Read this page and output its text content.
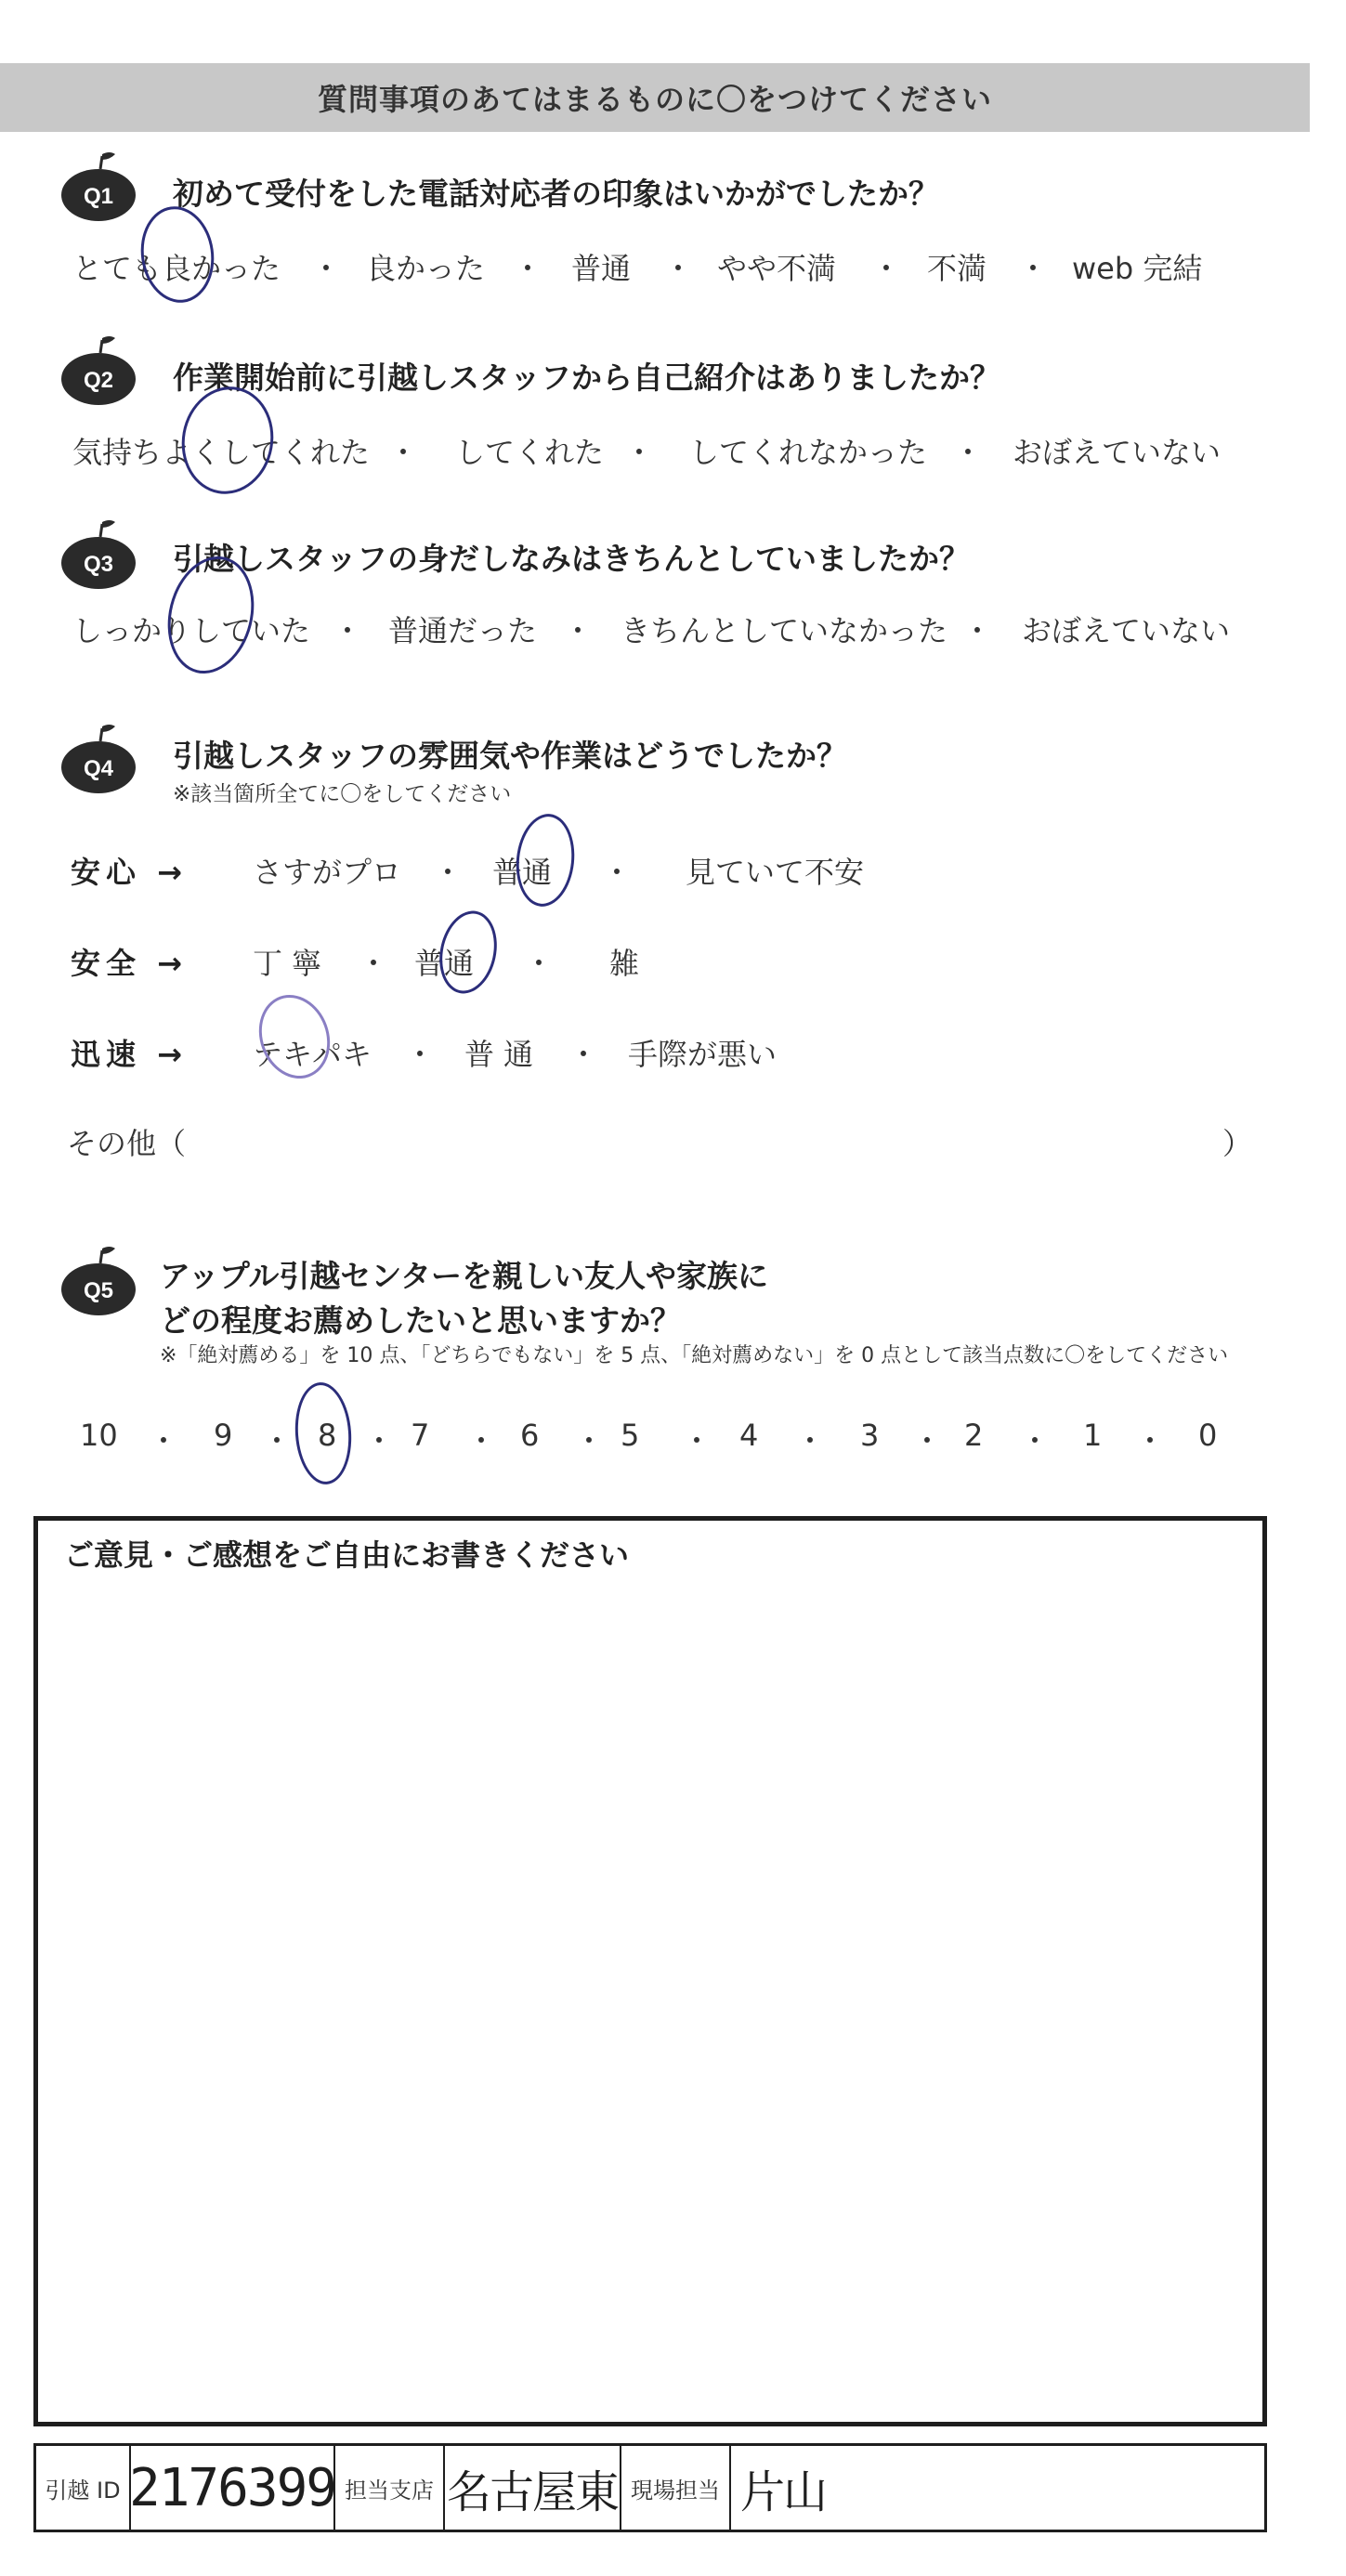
質問事項のあてはまるものに〇をつけてください
Q1 初めて受付をした電話対応者の印象はいかがでしたか？
とても良かった ・ 良かった ・ 普通 ・ やや不満 ・ 不満 ・ web 完結
Q2 作業開始前に引越しスタッフから自己紹介はありましたか？
気持ちよくしてくれた ・ してくれた ・ してくれなかった ・ おぼえていない
Q3 引越しスタッフの身だしなみはきちんとしていましたか？
しっかりしていた ・ 普通だった ・ きちんとしていなかった ・ おぼえていない
Q4 引越しスタッフの雰囲気や作業はどうでしたか？
※該当箇所全てに〇をしてください
安心 → さすがプロ ・ 普通 ・ 見ていて不安
安全 → 丁寧 ・ 普通 ・ 雑
迅速 → テキパキ ・ 普通 ・ 手際が悪い
その他（	）
Q5 アップル引越センターを親しい友人や家族に
どの程度お薦めしたいと思いますか？
※「絶対薦める」を 10 点、「どちらでもない」を 5 点、「絶対薦めない」を 0 点として該当点数に〇をしてください
10 ・ 9 ・ 8 ・ 7 ・ 6 ・ 5 ・ 4 ・ 3 ・ 2 ・ 1 ・ 0
ご意見・ご感想をご自由にお書きください
引越 ID 2176399 担当支店 名古屋東 現場担当 片山
